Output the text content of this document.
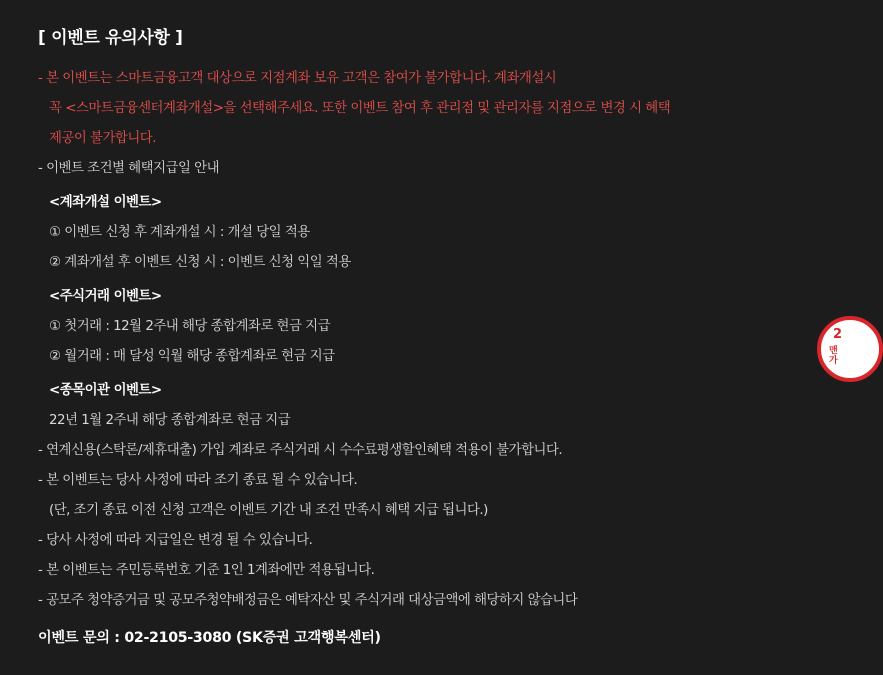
[ 이벤트 유의사항 ]
- 본 이벤트는 스마트금융고객 대상으로 지점계좌 보유 고객은 참여가 불가합니다. 계좌개설시
꼭 <스마트금융센터계좌개설>을 선택해주세요. 또한 이벤트 참여 후 관리점 및 관리자를 지점으로 변경 시 혜택
제공이 불가합니다.
- 이벤트 조건별 혜택지급일 안내
<계좌개설 이벤트>
① 이벤트 신청 후 계좌개설 시 : 개설 당일 적용
② 계좌개설 후 이벤트 신청 시 : 이벤트 신청 익일 적용
<주식거래 이벤트>
① 첫거래 : 12월 2주내 해당 종합계좌로 현금 지급
② 월거래 : 매 달성 익월 해당 종합계좌로 현금 지급
<종목이관 이벤트>
22년 1월 2주내 해당 종합계좌로 현금 지급
- 연계신용(스탁론/제휴대출) 가입 계좌로 주식거래 시 수수료평생할인혜택 적용이 불가합니다.
- 본 이벤트는 당사 사정에 따라 조기 종료 될 수 있습니다.
(단, 조기 종료 이전 신청 고객은 이벤트 기간 내 조건 만족시 혜택 지급 됩니다.)
- 당사 사정에 따라 지급일은 변경 될 수 있습니다.
- 본 이벤트는 주민등록번호 기준 1인 1계좌에만 적용됩니다.
- 공모주 청약증거금 및 공모주청약배정금은 예탁자산 및 주식거래 대상금액에 해당하지 않습니다
이벤트 문의 : 02-2105-3080 (SK증권 고객행복센터)
2
맨
가
